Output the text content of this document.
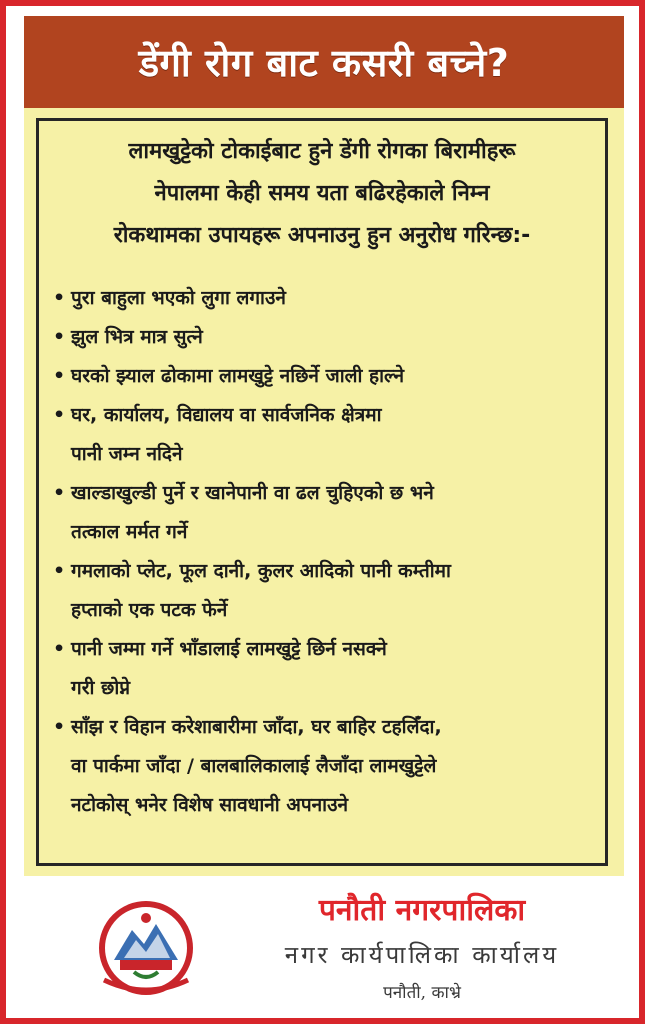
डेंगी रोग बाट कसरी बच्ने?

लामखुट्टेको टोकाईबाट हुने डेंगी रोगका बिरामीहरू
नेपालमा केही समय यता बढिरहेकाले निम्न
रोकथामका उपायहरू अपनाउनु हुन अनुरोध गरिन्छ:-

• पुरा बाहुला भएको लुगा लगाउने
• झुल भित्र मात्र सुत्ने
• घरको झ्याल ढोकामा लामखुट्टे नछिर्ने जाली हाल्ने
• घर, कार्यालय, विद्यालय वा सार्वजनिक क्षेत्रमा
पानी जम्न नदिने
• खाल्डाखुल्डी पुर्ने र खानेपानी वा ढल चुहिएको छ भने
तत्काल मर्मत गर्ने
• गमलाको प्लेट, फूल दानी, कुलर आदिको पानी कम्तीमा
हप्ताको एक पटक फेर्ने
• पानी जम्मा गर्ने भाँडालाई लामखुट्टे छिर्न नसक्ने
गरी छोप्ने
• साँझ र विहान करेशाबारीमा जाँदा, घर बाहिर टहलिँदा,
वा पार्कमा जाँदा / बालबालिकालाई लैजाँदा लामखुट्टेले
नटोकोस् भनेर विशेष सावधानी अपनाउने
पनौती नगरपालिका
नगर कार्यपालिका कार्यालय
पनौती, काभ्रे
